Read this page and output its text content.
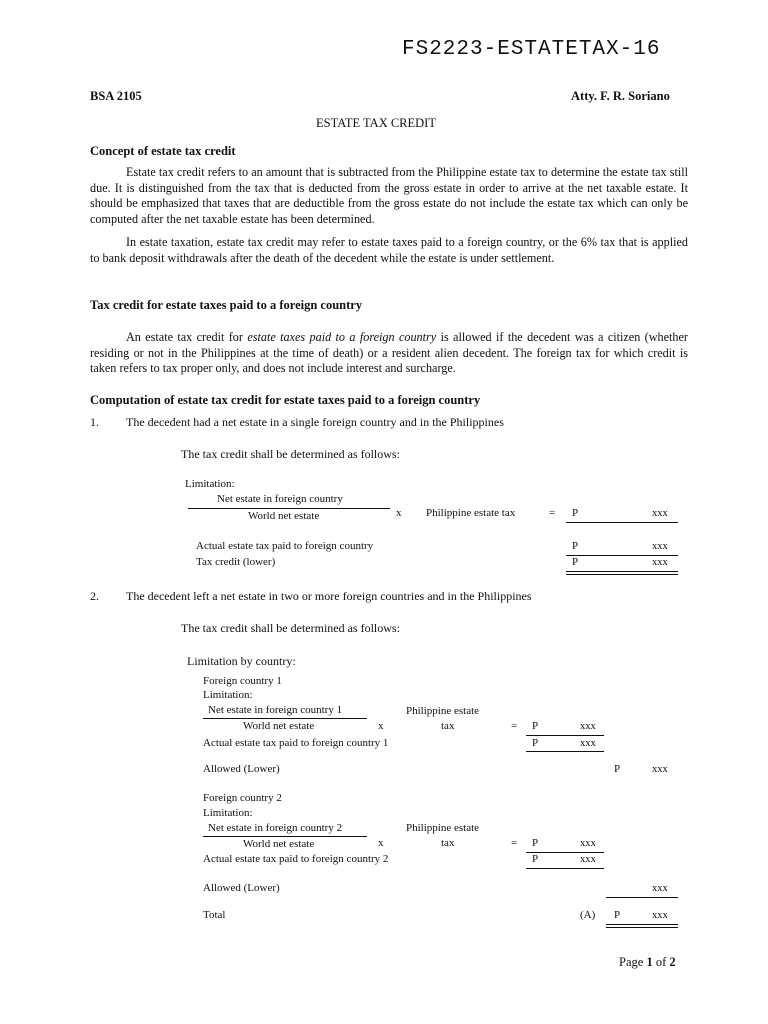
FS2223-ESTATETAX-16
BSA 2105	Atty. F. R. Soriano
ESTATE TAX CREDIT
Concept of estate tax credit
Estate tax credit refers to an amount that is subtracted from the Philippine estate tax to determine the estate tax still due. It is distinguished from the tax that is deducted from the gross estate in order to arrive at the net taxable estate. It should be emphasized that taxes that are deductible from the gross estate do not include the estate tax which can only be computed after the net taxable estate has been determined.
In estate taxation, estate tax credit may refer to estate taxes paid to a foreign country, or the 6% tax that is applied to bank deposit withdrawals after the death of the decedent while the estate is under settlement.
Tax credit for estate taxes paid to a foreign country
An estate tax credit for estate taxes paid to a foreign country is allowed if the decedent was a citizen (whether residing or not in the Philippines at the time of death) or a resident alien decedent. The foreign tax for which credit is taken refers to tax proper only, and does not include interest and surcharge.
Computation of estate tax credit for estate taxes paid to a foreign country
1. The decedent had a net estate in a single foreign country and in the Philippines
The tax credit shall be determined as follows:
Limitation:
Net estate in foreign country
World net estate	x Philippine estate tax	= P	xxx
Actual estate tax paid to foreign country	P	xxx
Tax credit (lower)	P	xxx
2. The decedent left a net estate in two or more foreign countries and in the Philippines
The tax credit shall be determined as follows:
Limitation by country:
Foreign country 1
Limitation:
Net estate in foreign country 1
World net estate	x
Philippine estate
tax	= P	xxx
Actual estate tax paid to foreign country 1	P	xxx
Allowed (Lower)	P	xxx
Foreign country 2
Limitation:
Net estate in foreign country 2
World net estate	x
Philippine estate
tax	= P	xxx
Actual estate tax paid to foreign country 2	P	xxx
Allowed (Lower)	xxx
Total	(A) P	xxx
Page 1 of 2
